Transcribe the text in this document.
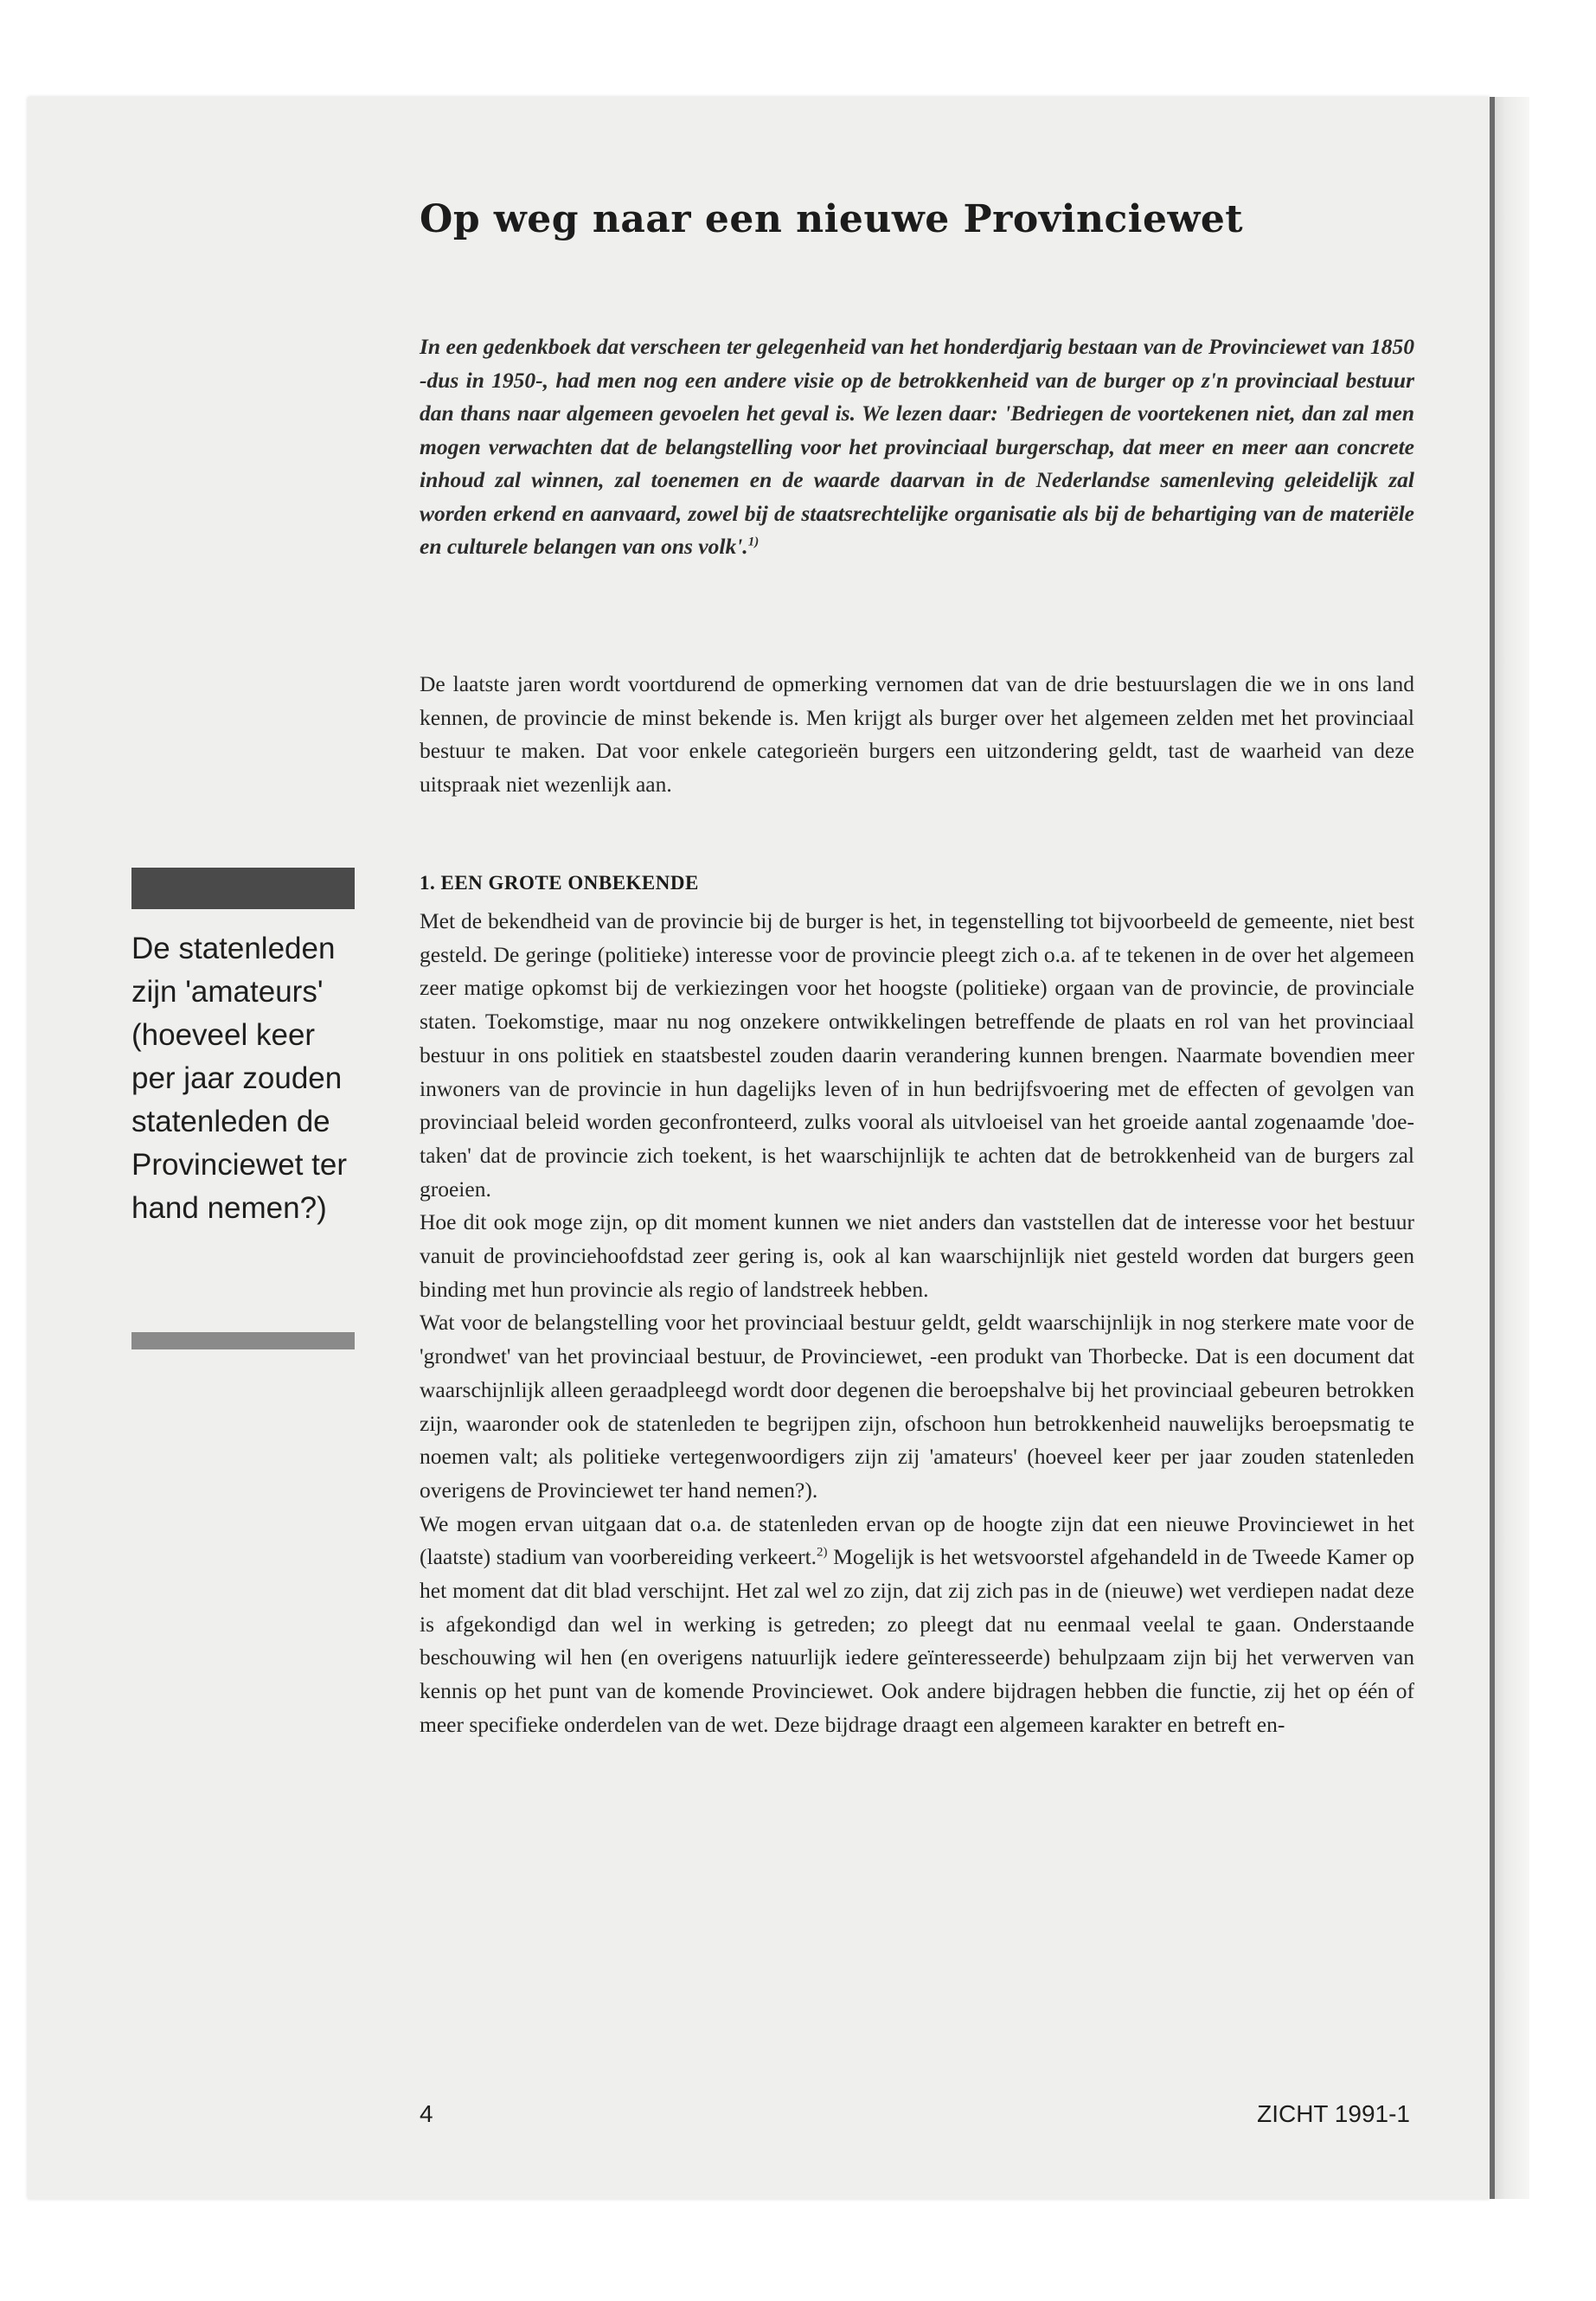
Op weg naar een nieuwe Provinciewet

In een gedenkboek dat verscheen ter gelegenheid van het honderdjarig bestaan van de Provinciewet van 1850 -dus in 1950-, had men nog een andere visie op de betrokkenheid van de burger op z'n provinciaal bestuur dan thans naar algemeen gevoelen het geval is. We lezen daar: 'Bedriegen de voortekenen niet, dan zal men mogen verwachten dat de belangstelling voor het provinciaal burgerschap, dat meer en meer aan concrete inhoud zal winnen, zal toenemen en de waarde daarvan in de Nederlandse samenleving geleidelijk zal worden erkend en aanvaard, zowel bij de staatsrechtelijke organisatie als bij de behartiging van de materiële en culturele belangen van ons volk'.$^{1)}$

De laatste jaren wordt voortdurend de opmerking vernomen dat van de drie bestuurslagen die we in ons land kennen, de provincie de minst bekende is. Men krijgt als burger over het algemeen zelden met het provinciaal bestuur te maken. Dat voor enkele categorieën burgers een uitzondering geldt, tast de waarheid van deze uitspraak niet wezenlijk aan.

De statenleden zijn 'amateurs' (hoeveel keer per jaar zouden statenleden de Provinciewet ter hand nemen?)

1. EEN GROTE ONBEKENDE

Met de bekendheid van de provincie bij de burger is het, in tegenstelling tot bijvoorbeeld de gemeente, niet best gesteld. De geringe (politieke) interesse voor de provincie pleegt zich o.a. af te tekenen in de over het algemeen zeer matige opkomst bij de verkiezingen voor het hoogste (politieke) orgaan van de provincie, de provinciale staten. Toekomstige, maar nu nog onzekere ontwikkelingen betreffende de plaats en rol van het provinciaal bestuur in ons politiek en staatsbestel zouden daarin verandering kunnen brengen. Naarmate bovendien meer inwoners van de provincie in hun dagelijks leven of in hun bedrijfsvoering met de effecten of gevolgen van provinciaal beleid worden geconfronteerd, zulks vooral als uitvloeisel van het groeide aantal zogenaamde 'doe-taken' dat de provincie zich toekent, is het waarschijnlijk te achten dat de betrokkenheid van de burgers zal groeien.

Hoe dit ook moge zijn, op dit moment kunnen we niet anders dan vaststellen dat de interesse voor het bestuur vanuit de provinciehoofdstad zeer gering is, ook al kan waarschijnlijk niet gesteld worden dat burgers geen binding met hun provincie als regio of landstreek hebben.

Wat voor de belangstelling voor het provinciaal bestuur geldt, geldt waarschijnlijk in nog sterkere mate voor de 'grondwet' van het provinciaal bestuur, de Provinciewet, -een produkt van Thorbecke. Dat is een document dat waarschijnlijk alleen geraadpleegd wordt door degenen die beroepshalve bij het provinciaal gebeuren betrokken zijn, waaronder ook de statenleden te begrijpen zijn, ofschoon hun betrokkenheid nauwelijks beroepsmatig te noemen valt; als politieke vertegenwoordigers zijn zij 'amateurs' (hoeveel keer per jaar zouden statenleden overigens de Provinciewet ter hand nemen?).

We mogen ervan uitgaan dat o.a. de statenleden ervan op de hoogte zijn dat een nieuwe Provinciewet in het (laatste) stadium van voorbereiding verkeert.$^{2)}$ Mogelijk is het wetsvoorstel afgehandeld in de Tweede Kamer op het moment dat dit blad verschijnt. Het zal wel zo zijn, dat zij zich pas in de (nieuwe) wet verdiepen nadat deze is afgekondigd dan wel in werking is getreden; zo pleegt dat nu eenmaal veelal te gaan. Onderstaande beschouwing wil hen (en overigens natuurlijk iedere geïnteresseerde) behulpzaam zijn bij het verwerven van kennis op het punt van de komende Provinciewet. Ook andere bijdragen hebben die functie, zij het op één of meer specifieke onderdelen van de wet. Deze bijdrage draagt een algemeen karakter en betreft en-

4	ZICHT 1991-1
